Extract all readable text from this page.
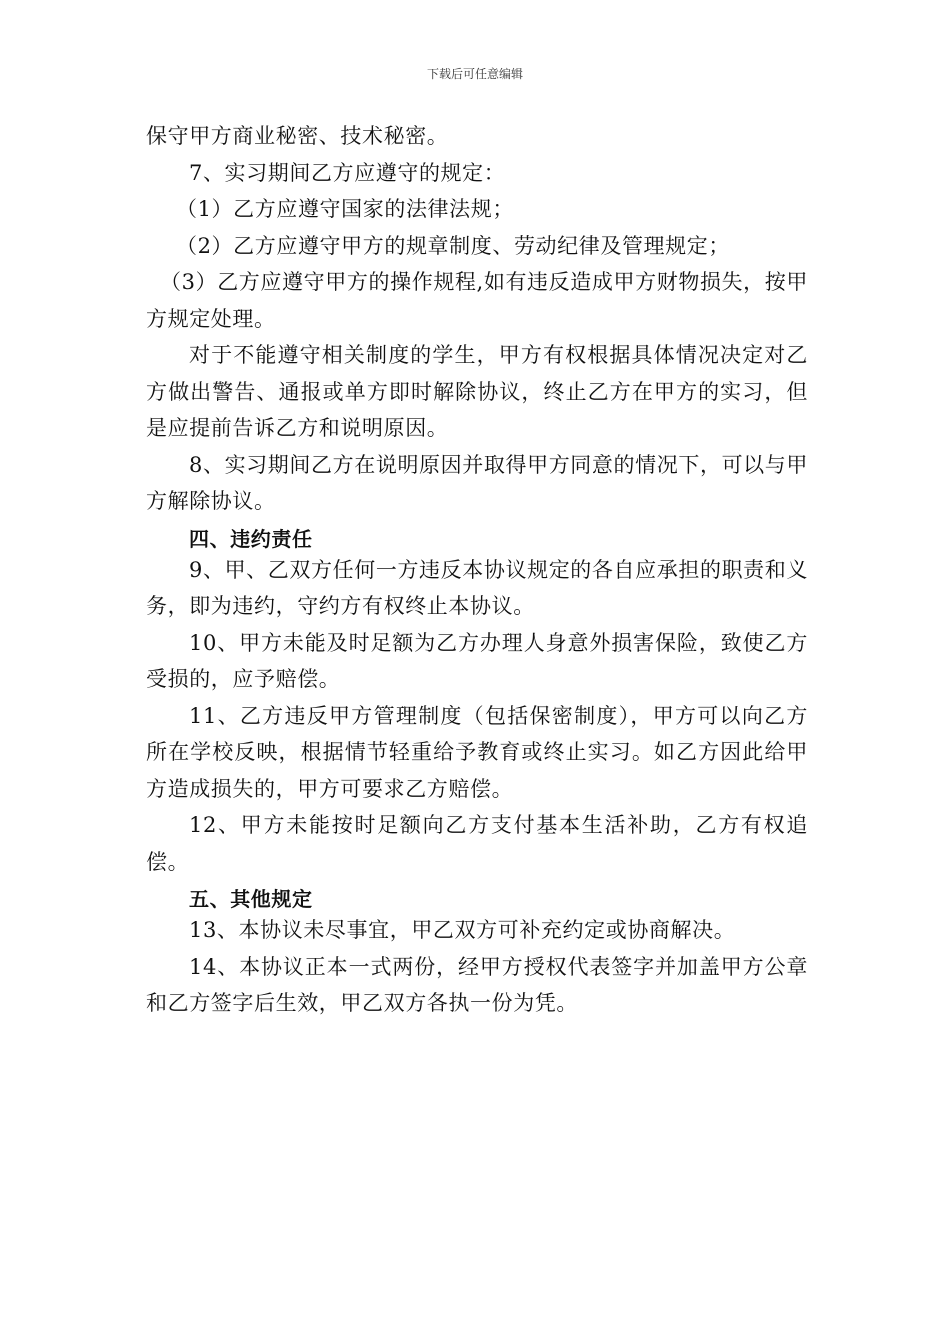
下载后可任意编辑

保守甲方商业秘密、技术秘密。

7、实习期间乙方应遵守的规定：

（1）乙方应遵守国家的法律法规；

（2）乙方应遵守甲方的规章制度、劳动纪律及管理规定；

（3）乙方应遵守甲方的操作规程,如有违反造成甲方财物损失，按甲方规定处理。

对于不能遵守相关制度的学生，甲方有权根据具体情况决定对乙方做出警告、通报或单方即时解除协议，终止乙方在甲方的实习，但是应提前告诉乙方和说明原因。

8、实习期间乙方在说明原因并取得甲方同意的情况下，可以与甲方解除协议。

四、违约责任

9、甲、乙双方任何一方违反本协议规定的各自应承担的职责和义务，即为违约，守约方有权终止本协议。

10、甲方未能及时足额为乙方办理人身意外损害保险，致使乙方受损的，应予赔偿。

11、乙方违反甲方管理制度（包括保密制度），甲方可以向乙方所在学校反映，根据情节轻重给予教育或终止实习。如乙方因此给甲方造成损失的，甲方可要求乙方赔偿。

12、甲方未能按时足额向乙方支付基本生活补助，乙方有权追偿。

五、其他规定

13、本协议未尽事宜，甲乙双方可补充约定或协商解决。

14、本协议正本一式两份，经甲方授权代表签字并加盖甲方公章和乙方签字后生效，甲乙双方各执一份为凭。
